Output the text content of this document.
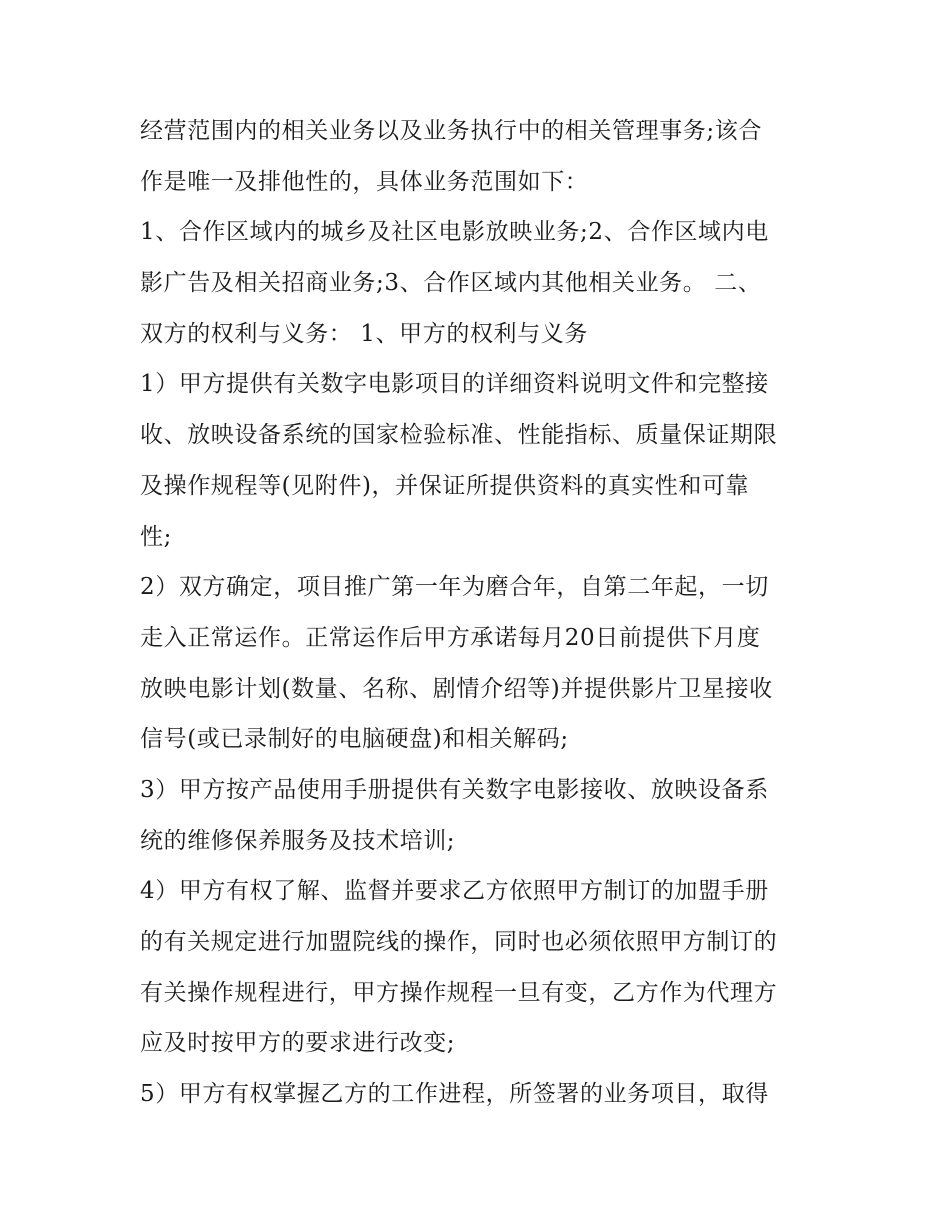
经营范围内的相关业务以及业务执行中的相关管理事务;该合
作是唯一及排他性的，具体业务范围如下：
1、合作区域内的城乡及社区电影放映业务;2、合作区域内电
影广告及相关招商业务;3、合作区域内其他相关业务。 二、
双方的权利与义务： 1、甲方的权利与义务
1）甲方提供有关数字电影项目的详细资料说明文件和完整接
收、放映设备系统的国家检验标准、性能指标、质量保证期限
及操作规程等(见附件)，并保证所提供资料的真实性和可靠
性;
2）双方确定，项目推广第一年为磨合年，自第二年起，一切
走入正常运作。正常运作后甲方承诺每月20日前提供下月度
放映电影计划(数量、名称、剧情介绍等)并提供影片卫星接收
信号(或已录制好的电脑硬盘)和相关解码;
3）甲方按产品使用手册提供有关数字电影接收、放映设备系
统的维修保养服务及技术培训;
4）甲方有权了解、监督并要求乙方依照甲方制订的加盟手册
的有关规定进行加盟院线的操作，同时也必须依照甲方制订的
有关操作规程进行，甲方操作规程一旦有变，乙方作为代理方
应及时按甲方的要求进行改变;
5）甲方有权掌握乙方的工作进程，所签署的业务项目，取得
